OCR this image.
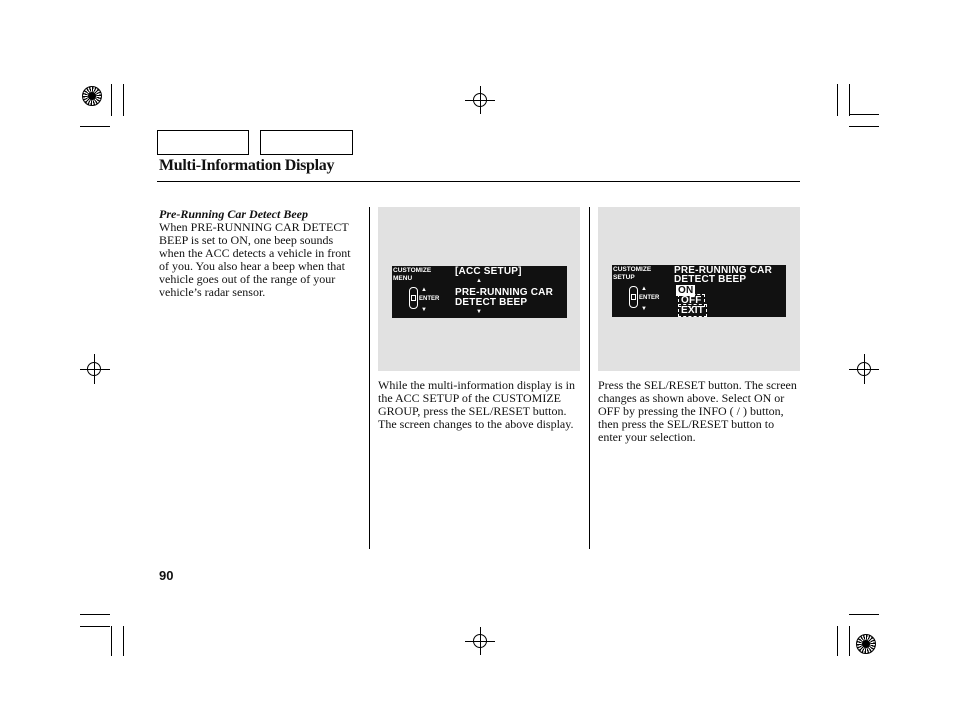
Multi-Information Display
Pre-Running Car Detect Beep
When PRE-RUNNING CAR DETECT BEEP is set to ON, one beep sounds when the ACC detects a vehicle in front of you. You also hear a beep when that vehicle goes out of the range of your vehicle’s radar sensor.
CUSTOMIZE
MENU
▲
ENTER
▼
[ACC SETUP]
▲
PRE-RUNNING CAR
DETECT BEEP
▼
CUSTOMIZE
SETUP
▲
ENTER
▼
PRE-RUNNING CAR
DETECT BEEP
ON
OFF
EXIT
While the multi-information display is in the ACC SETUP of the CUSTOMIZE GROUP, press the SEL/RESET button. The screen changes to the above display.
Press the SEL/RESET button. The screen changes as shown above. Select ON or OFF by pressing the INFO ( / ) button, then press the SEL/RESET button to enter your selection.
90
